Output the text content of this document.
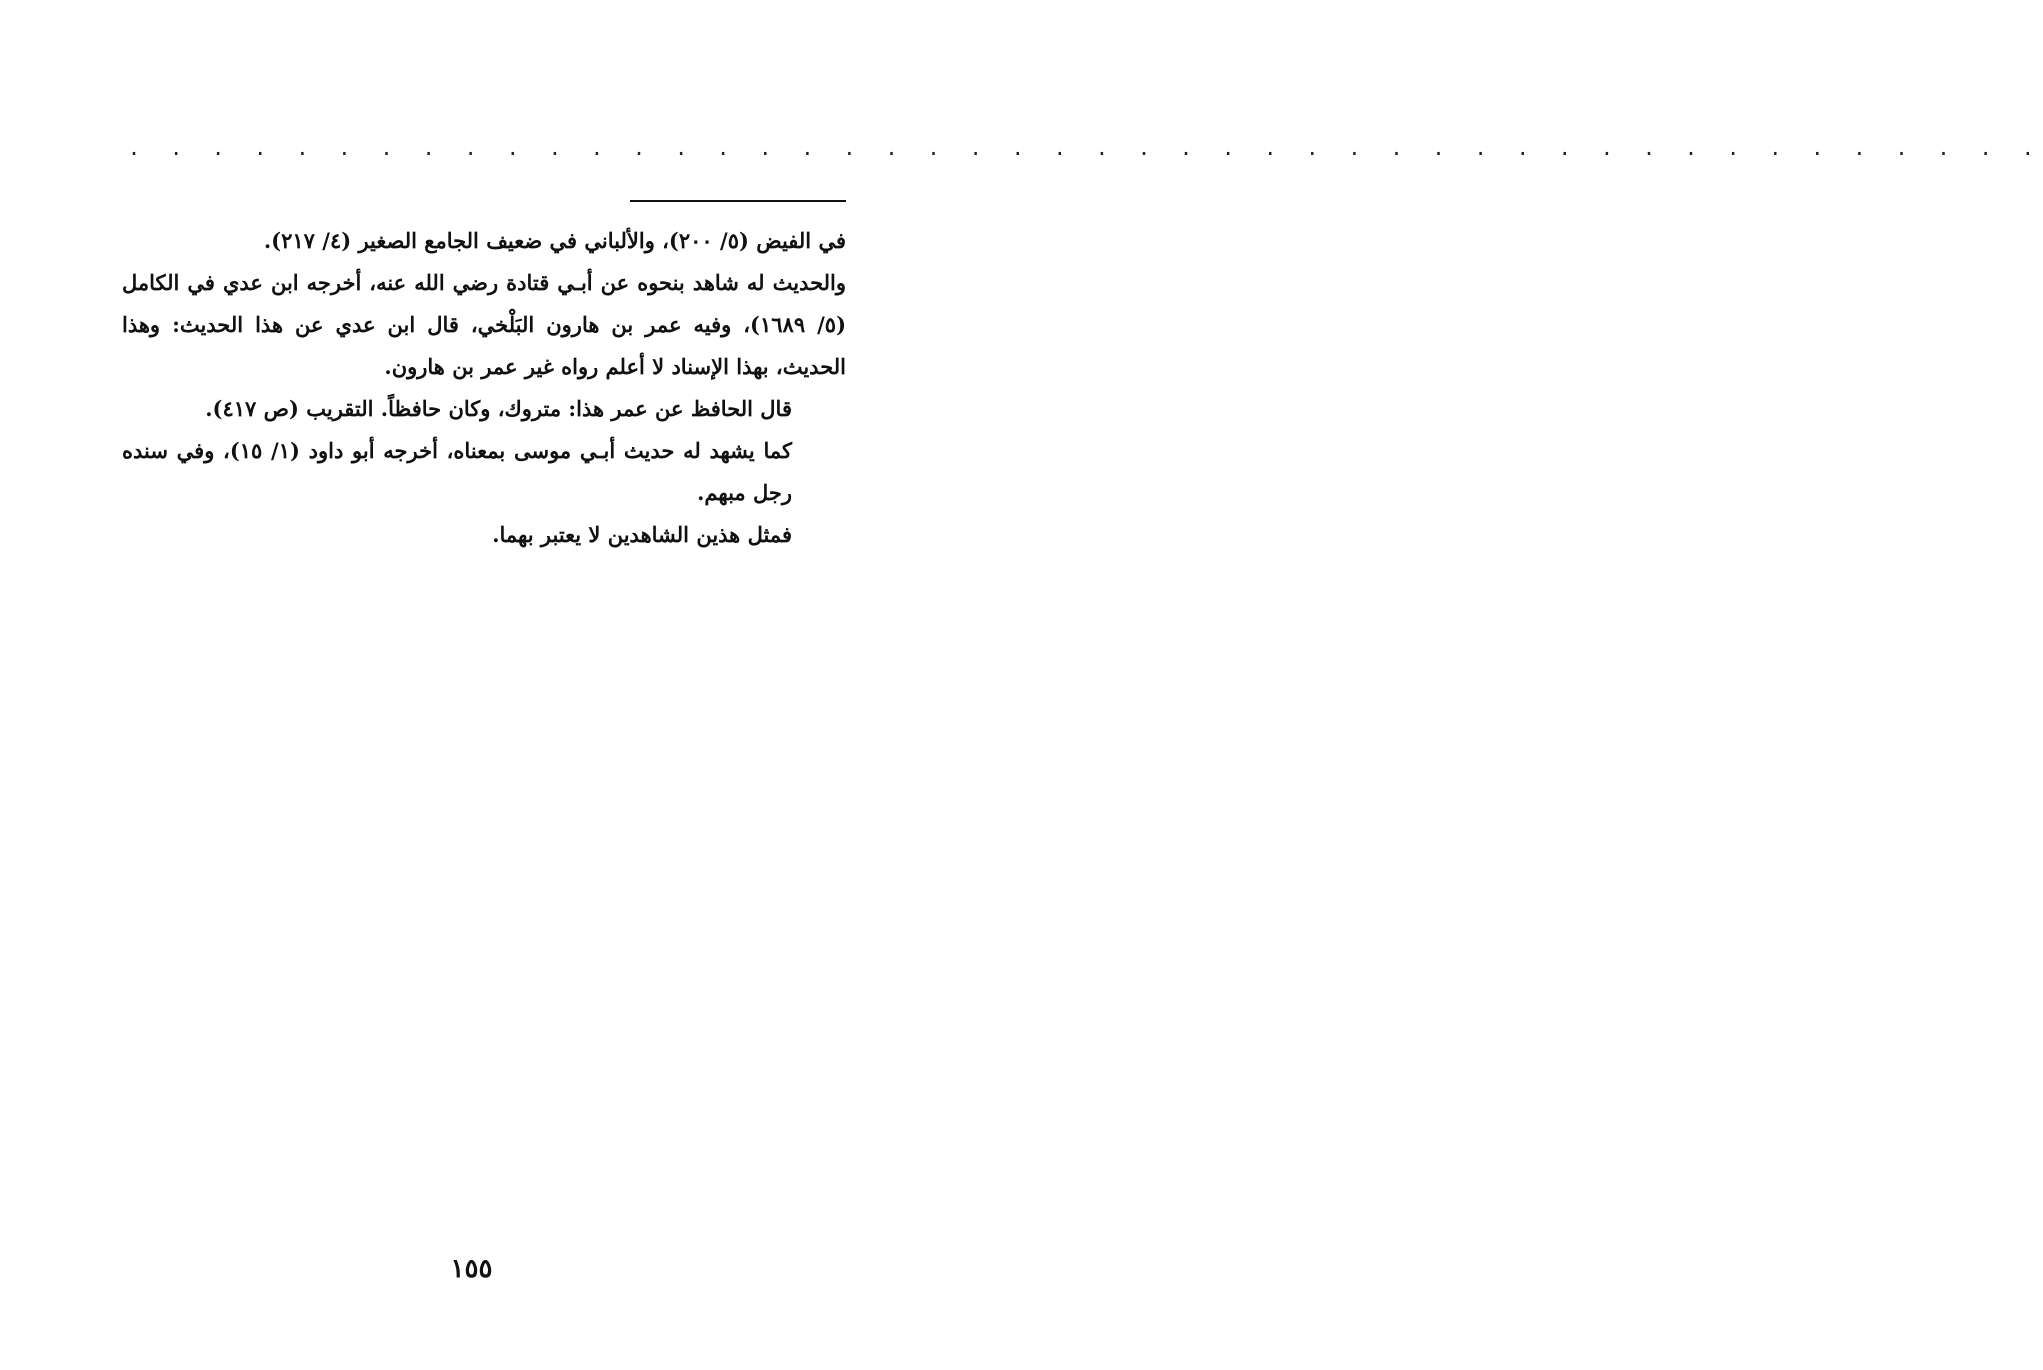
. . . . . . . . . . . . . . . . . . . . . . . . . . . . . . . . . . . . . . . . . . . . . .

في الفيض (٥/ ٢٠٠)، والألباني في ضعيف الجامع الصغير (٤/ ٢١٧).

والحديث له شاهد بنحوه عن أبـي قتادة رضي الله عنه، أخرجه ابن عدي في الكامل (٥/ ١٦٨٩)، وفيه عمر بن هارون البَلْخي، قال ابن عدي عن هذا الحديث: وهذا الحديث، بهذا الإسناد لا أعلم رواه غير عمر بن هارون.

قال الحافظ عن عمر هذا: متروك، وكان حافظاً. التقريب (ص ٤١٧).

كما يشهد له حديث أبـي موسى بمعناه، أخرجه أبو داود (١/ ١٥)، وفي سنده رجل مبهم.

فمثل هذين الشاهدين لا يعتبر بهما.

١٥٥
